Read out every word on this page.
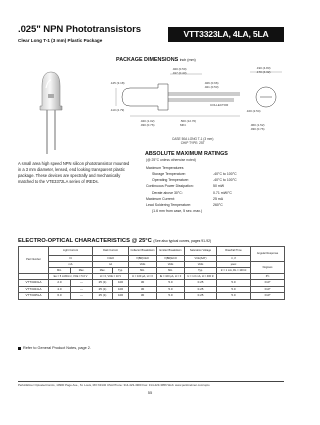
.025" NPN Phototransistors
Clear Long T-1 (3 mm) Plastic Package
VTT3323LA, 4LA, 5LA
PACKAGE DIMENSIONS inch (mm)
.020 (0.50)
.017 (0.43)
.190 (4.83)
.170 (4.32)
.026 (0.66)
.021 (0.53)
COLLECTOR
.100 (2.54)
.125 (3.18)
.110 (2.79)
.040 (1.02)
.030 (0.76)
.500 (12.70)
MIN.	.060 (1.52)
.030 (0.76)
CASE 50A LONG T-1 (3 mm)
CHIP TYPE: 25T
A small area high speed NPN silicon phototransistor mounted in a 3 mm diameter, lensed, end looking transparent plastic package. These devices are spectrally and mechanically matched to the VTE3372LA series of IREDs.
ABSOLUTE MAXIMUM RATINGS
(@ 25°C unless otherwise noted)
Maximum Temperatures
Storage Temperature:	-40°C to 100°C
Operating Temperature:	-40°C to 100°C
Continuous Power Dissipation:	50 mW
Derate above 30°C:	0.71 mW/°C
Maximum Current:	25 mA
Lead Soldering Temperature:	260°C
(1.6 mm from case, 5 sec. max.)
ELECTRO-OPTICAL CHARACTERISTICS @ 25°C (See also typical curves, pages 91-92)
Part Number	Light Current		Dark Current		Collector Breakdown	Emitter Breakdown	Saturation Voltage	Rise/Fall Time	Angular Response
	I C		I CEO		V(BR)CEO	V(BR)ECO	VCE(SAT)	tr, tf	
	mA		nA		Volts	Volts	Volts	μsec	Degrees
	Min.	Max.	Max.	Typ.	Min.	Min.	Typ.	Ic = 1 mA, RL = 100 Ω	
	Ee = 5 mW/cm², VCE = 5.0 V		H = 0, VCE = 10 V		Ic = 100 μA, H = 0	IE = 100 μA, H = 0	Ic = 1.0 mA, H = 400 fc		θ½
VTT3323LA	2.0	—	25 (1)	100	30	5.0	0.25	5.0	±10°
VTT3324LA	4.0	—	25 (1)	100	30	5.0	0.25	5.0	±10°
VTT3325LA	6.0	—	25 (1)	100	30	5.0	0.25	5.0	±10°
Refer to General Product Notes, page 2.
PerkinElmer Optoelectronics, 10900 Page Ave., St. Louis, MO 63132 USA Phone: 314-423-4900 Fax: 314-423-3956 Web: www.perkinelmer.com/opto
55
